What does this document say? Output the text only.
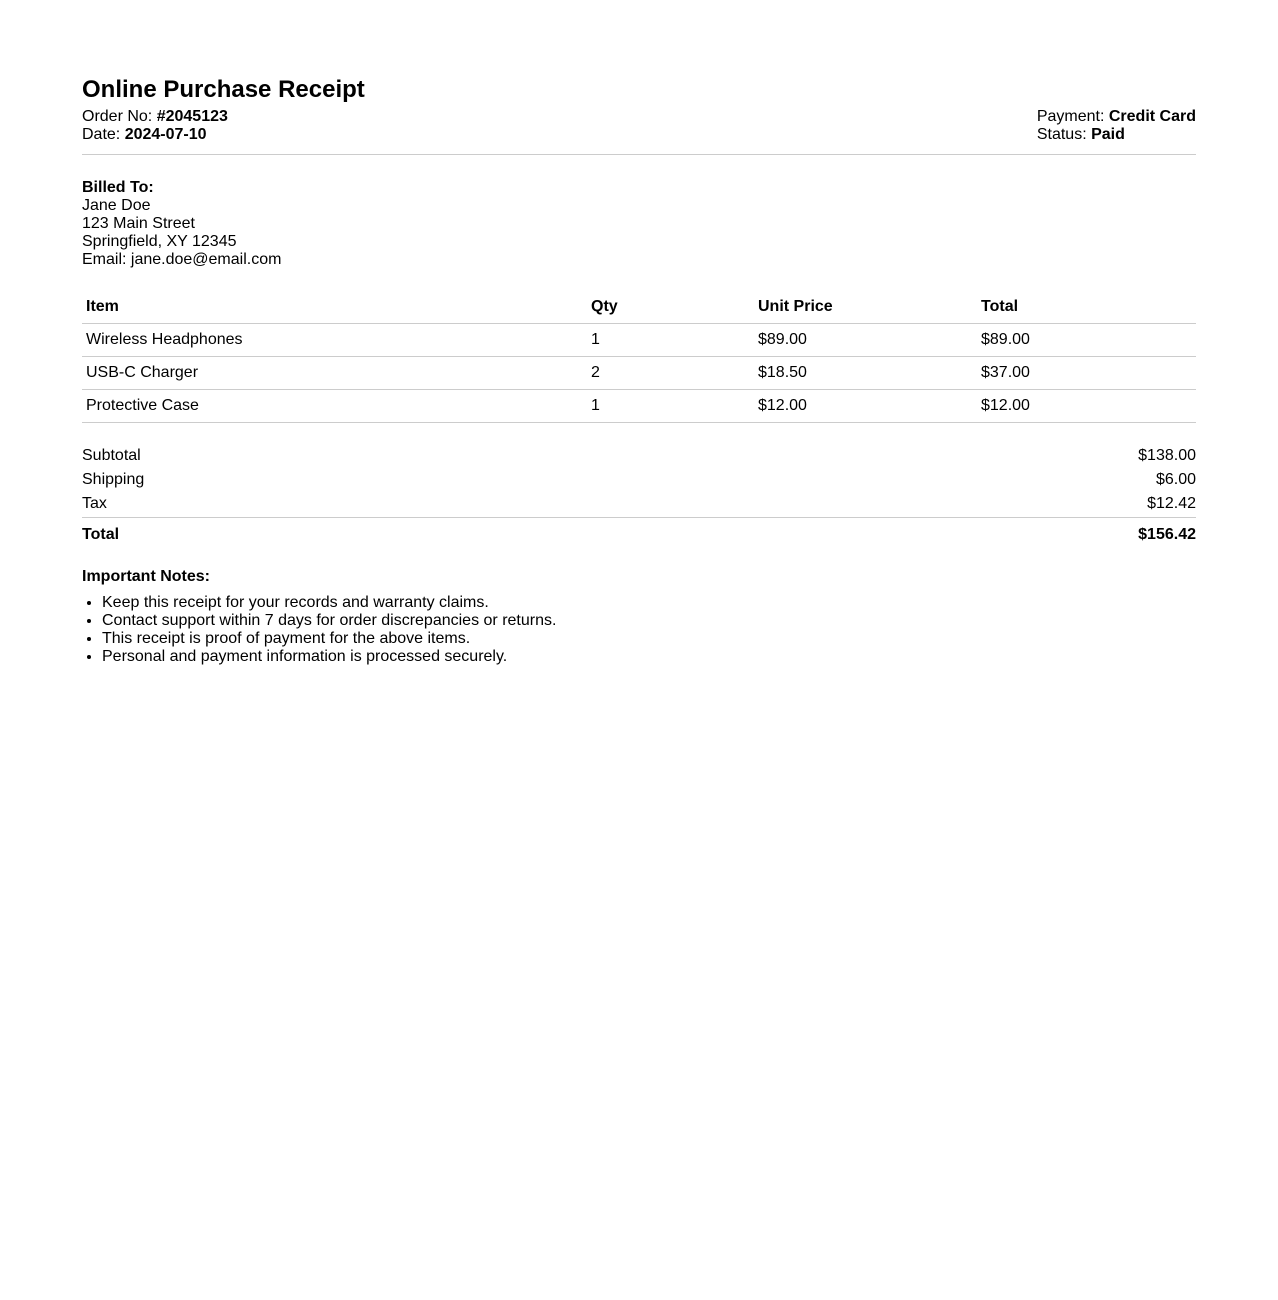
Online Purchase Receipt
Order No: #2045123
Date: 2024-07-10
Payment: Credit Card
Status: Paid
Billed To:
Jane Doe
123 Main Street
Springfield, XY 12345
Email: jane.doe@email.com
Item	Qty	Unit Price	Total
Wireless Headphones	1	$89.00	$89.00
USB-C Charger	2	$18.50	$37.00
Protective Case	1	$12.00	$12.00
Subtotal	$138.00
Shipping	$6.00
Tax	$12.42
Total	$156.42
Important Notes:
• Keep this receipt for your records and warranty claims.
• Contact support within 7 days for order discrepancies or returns.
• This receipt is proof of payment for the above items.
• Personal and payment information is processed securely.
